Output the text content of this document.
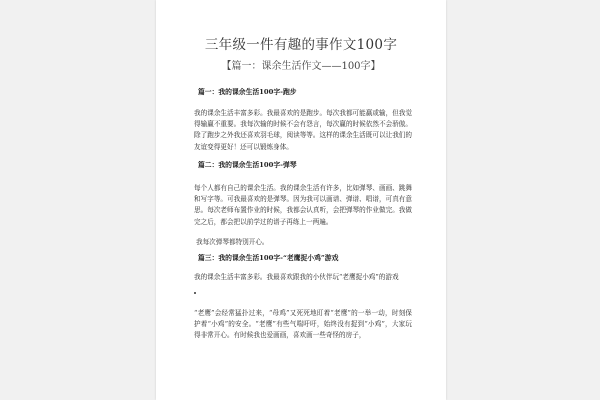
三年级一件有趣的事作文100字
【篇一：课余生活作文——100字】
篇一：我的课余生活100字-跑步
我的课余生活丰富多彩。我最喜欢的是跑步。每次我都可能赢或输，但我觉得输赢不重要。我每次输的时候不会有怨言，每次赢的时候依然不会骄傲。除了跑步之外我还喜欢羽毛球，阅读等等。这样的课余生活既可以让我们的友谊变得更好！还可以锻炼身体。
篇二：我的课余生活100字-弹琴
每个人都有自己的课余生活。我的课余生活有许多，比如弹琴、画画、跳舞和写字等。可我最喜欢的是弹琴。因为我可以画谱、弹谱、唱谱，可真有意思。每次老师布置作业的时候，我都会认真听，会把弹琴的作业做完。我做完之后，都会把以前学过的谱子再练上一两遍。
我每次弹琴都特别开心。
篇三：我的课余生活100字-“老鹰捉小鸡”游戏
我的课余生活丰富多彩。我最喜欢跟我的小伙伴玩“老鹰捉小鸡”的游戏
“老鹰”会经常猛扑过来，“母鸡”又死死地盯着“老鹰”的一举一动，时刻保护着“小鸡”的安全。“老鹰”有些气喘吁吁，始终没有捉到“小鸡”，大家玩得非常开心。有时候我也爱画画，喜欢画一些奇怪的房子，
